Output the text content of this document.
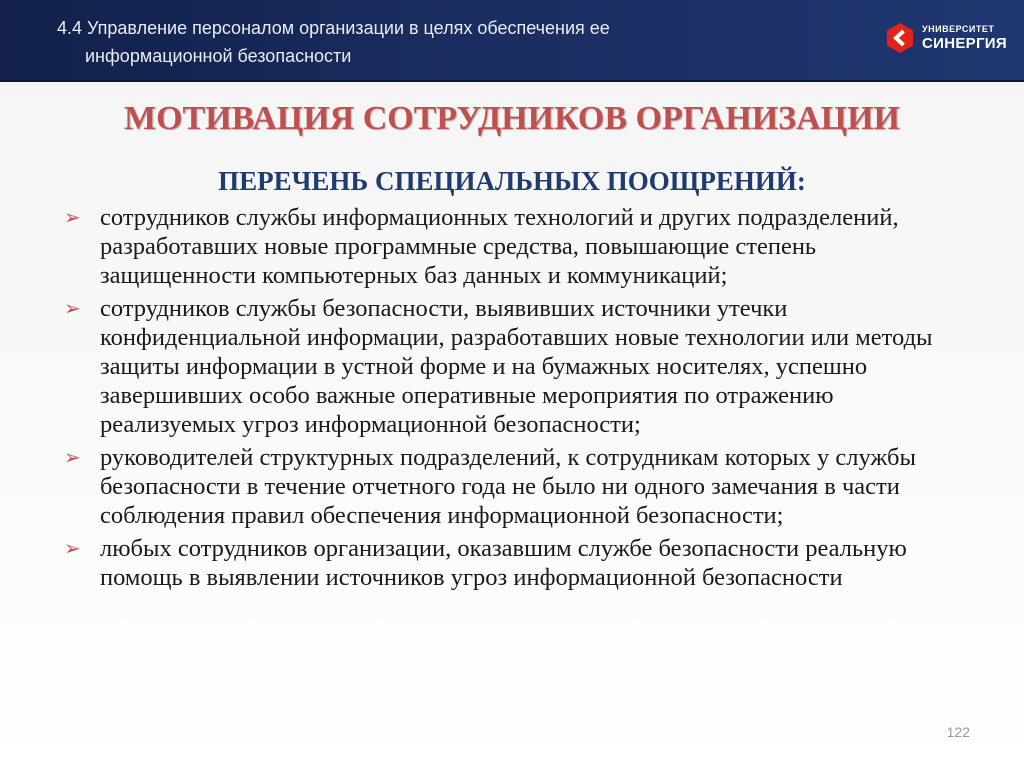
4.4 Управление персоналом организации в целях обеспечения ее
информационной безопасности
УНИВЕРСИТЕТ
СИНЕРГИЯ
МОТИВАЦИЯ СОТРУДНИКОВ ОРГАНИЗАЦИИ
ПЕРЕЧЕНЬ СПЕЦИАЛЬНЫХ ПООЩРЕНИЙ:
➢ сотрудников службы информационных технологий и других подразделений, разработавших новые программные средства, повышающие степень защищенности компьютерных баз данных и коммуникаций;
➢ сотрудников службы безопасности, выявивших источники утечки конфиденциальной информации, разработавших новые технологии или методы защиты информации в устной форме и на бумажных носителях, успешно завершивших особо важные оперативные мероприятия по отражению реализуемых угроз информационной безопасности;
➢ руководителей структурных подразделений, к сотрудникам которых у службы безопасности в течение отчетного года не было ни одного замечания в части соблюдения правил обеспечения информационной безопасности;
➢ любых сотрудников организации, оказавшим службе безопасности реальную помощь в выявлении источников угроз информационной безопасности
122
